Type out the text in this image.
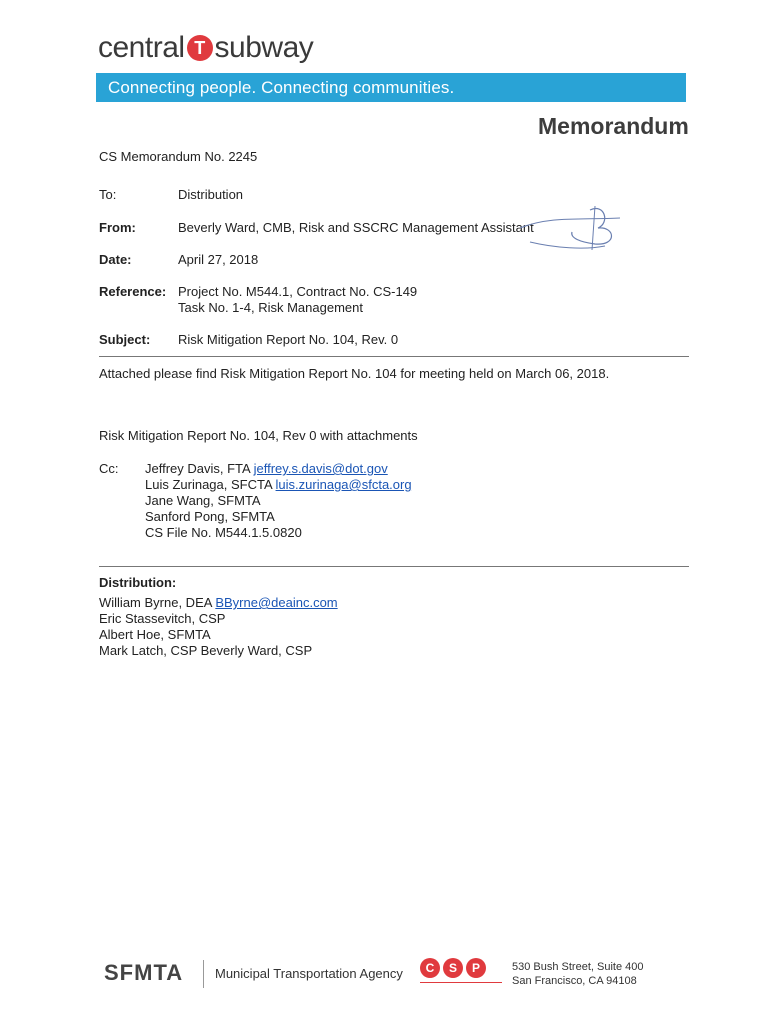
central T subway
Connecting people. Connecting communities.
Memorandum
CS Memorandum No. 2245
To:	Distribution
From:	Beverly Ward, CMB, Risk and SSCRC Management Assistant
Date:	April 27, 2018
Reference: Project No. M544.1, Contract No. CS-149
Task No. 1-4, Risk Management
Subject: Risk Mitigation Report No. 104, Rev. 0
Attached please find Risk Mitigation Report No. 104 for meeting held on March 06, 2018.
Risk Mitigation Report No. 104, Rev 0 with attachments
Cc: Jeffrey Davis, FTA jeffrey.s.davis@dot.gov
Luis Zurinaga, SFCTA luis.zurinaga@sfcta.org
Jane Wang, SFMTA
Sanford Pong, SFMTA
CS File No. M544.1.5.0820
Distribution:
William Byrne, DEA BByrne@deainc.com
Eric Stassevitch, CSP
Albert Hoe, SFMTA
Mark Latch, CSP Beverly Ward, CSP
SFMTA Municipal Transportation Agency	C	S	P	530 Bush Street, Suite 400
San Francisco, CA 94108
